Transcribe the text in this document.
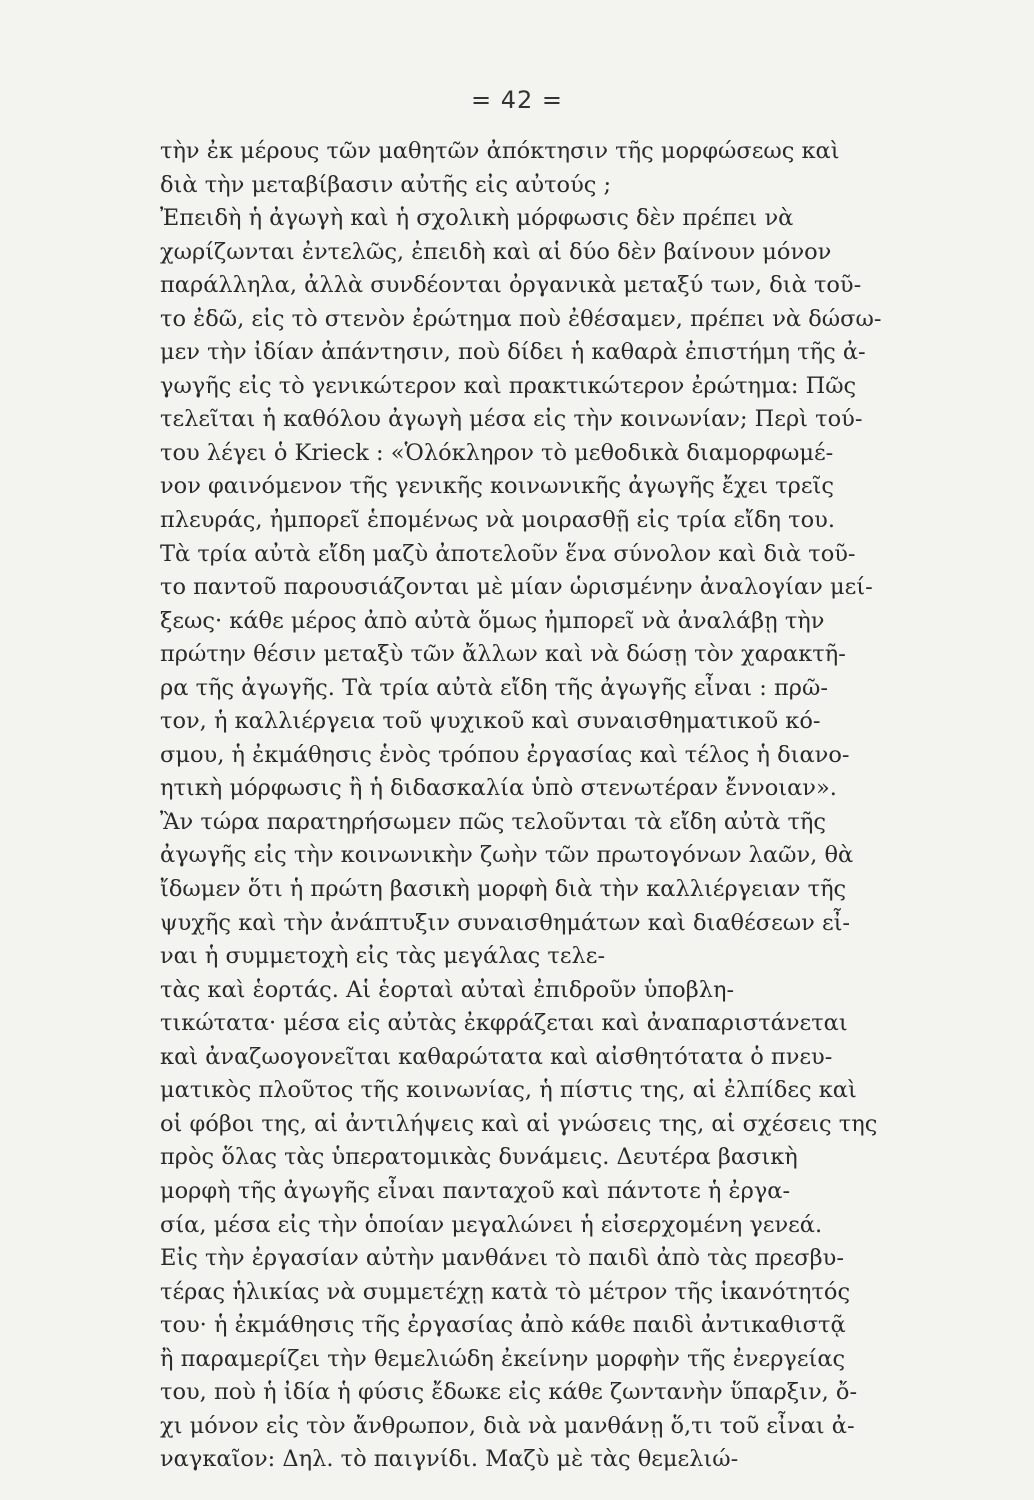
= 42 =
τὴν ἐκ μέρους τῶν μαθητῶν ἀπόκτησιν τῆς μορφώσεως καὶ
διὰ τὴν μεταβίβασιν αὐτῆς εἰς αὐτούς ;
Ἐπειδὴ ἡ ἀγωγὴ καὶ ἡ σχολικὴ μόρφωσις δὲν πρέπει νὰ
χωρίζωνται ἐντελῶς, ἐπειδὴ καὶ αἱ δύο δὲν βαίνουν μόνον
παράλληλα, ἀλλὰ συνδέονται ὀργανικὰ μεταξύ των, διὰ τοῦ-
το ἐδῶ, εἰς τὸ στενὸν ἐρώτημα ποὺ ἐθέσαμεν, πρέπει νὰ δώσω-
μεν τὴν ἰδίαν ἀπάντησιν, ποὺ δίδει ἡ καθαρὰ ἐπιστήμη τῆς ἀ-
γωγῆς εἰς τὸ γενικώτερον καὶ πρακτικώτερον ἐρώτημα: Πῶς
τελεῖται ἡ καθόλου ἀγωγὴ μέσα εἰς τὴν κοινωνίαν; Περὶ τού-
του λέγει ὁ Krieck : «Ὁλόκληρον τὸ μεθοδικὰ διαμορφωμέ-
νον φαινόμενον τῆς γενικῆς κοινωνικῆς ἀγωγῆς ἔχει τρεῖς
πλευράς, ἠμπορεῖ ἑπομένως νὰ μοιρασθῇ εἰς τρία εἴδη του.
Τὰ τρία αὐτὰ εἴδη μαζὺ ἀποτελοῦν ἕνα σύνολον καὶ διὰ τοῦ-
το παντοῦ παρουσιάζονται μὲ μίαν ὡρισμένην ἀναλογίαν μεί-
ξεως· κάθε μέρος ἀπὸ αὐτὰ ὅμως ἠμπορεῖ νὰ ἀναλάβῃ τὴν
πρώτην θέσιν μεταξὺ τῶν ἄλλων καὶ νὰ δώσῃ τὸν χαρακτῆ-
ρα τῆς ἀγωγῆς. Τὰ τρία αὐτὰ εἴδη τῆς ἀγωγῆς εἶναι : πρῶ-
τον, ἡ καλλιέργεια τοῦ ψυχικοῦ καὶ συναισθηματικοῦ κό-
σμου, ἡ ἐκμάθησις ἑνὸς τρόπου ἐργασίας καὶ τέλος ἡ διανο-
ητικὴ μόρφωσις ἢ ἡ διδασκαλία ὑπὸ στενωτέραν ἔννοιαν».
Ἂν τώρα παρατηρήσωμεν πῶς τελοῦνται τὰ εἴδη αὐτὰ τῆς
ἀγωγῆς εἰς τὴν κοινωνικὴν ζωὴν τῶν πρωτογόνων λαῶν, θὰ
ἴδωμεν ὅτι ἡ πρώτη βασικὴ μορφὴ διὰ τὴν καλλιέργειαν τῆς
ψυχῆς καὶ τὴν ἀνάπτυξιν συναισθημάτων καὶ διαθέσεων εἶ-
ναι ἡ συμμετοχὴ εἰς τὰς μεγάλας τελε-
τὰς καὶ ἑορτάς. Αἱ ἑορταὶ αὐταὶ ἐπιδροῦν ὑποβλη-
τικώτατα· μέσα εἰς αὐτὰς ἐκφράζεται καὶ ἀναπαριστάνεται
καὶ ἀναζωογονεῖται καθαρώτατα καὶ αἰσθητότατα ὁ πνευ-
ματικὸς πλοῦτος τῆς κοινωνίας, ἡ πίστις της, αἱ ἐλπίδες καὶ
οἱ φόβοι της, αἱ ἀντιλήψεις καὶ αἱ γνώσεις της, αἱ σχέσεις της
πρὸς ὅλας τὰς ὑπερατομικὰς δυνάμεις. Δευτέρα βασικὴ
μορφὴ τῆς ἀγωγῆς εἶναι πανταχοῦ καὶ πάντοτε ἡ ἐργα-
σία, μέσα εἰς τὴν ὁποίαν μεγαλώνει ἡ εἰσερχομένη γενεά.
Εἰς τὴν ἐργασίαν αὐτὴν μανθάνει τὸ παιδὶ ἀπὸ τὰς πρεσβυ-
τέρας ἡλικίας νὰ συμμετέχῃ κατὰ τὸ μέτρον τῆς ἱκανότητός
του· ἡ ἐκμάθησις τῆς ἐργασίας ἀπὸ κάθε παιδὶ ἀντικαθιστᾷ
ἢ παραμερίζει τὴν θεμελιώδη ἐκείνην μορφὴν τῆς ἐνεργείας
του, ποὺ ἡ ἰδία ἡ φύσις ἔδωκε εἰς κάθε ζωντανὴν ὕπαρξιν, ὄ-
χι μόνον εἰς τὸν ἄνθρωπον, διὰ νὰ μανθάνῃ ὅ,τι τοῦ εἶναι ἀ-
ναγκαῖον: Δηλ. τὸ παιγνίδι. Μαζὺ μὲ τὰς θεμελιώ-
